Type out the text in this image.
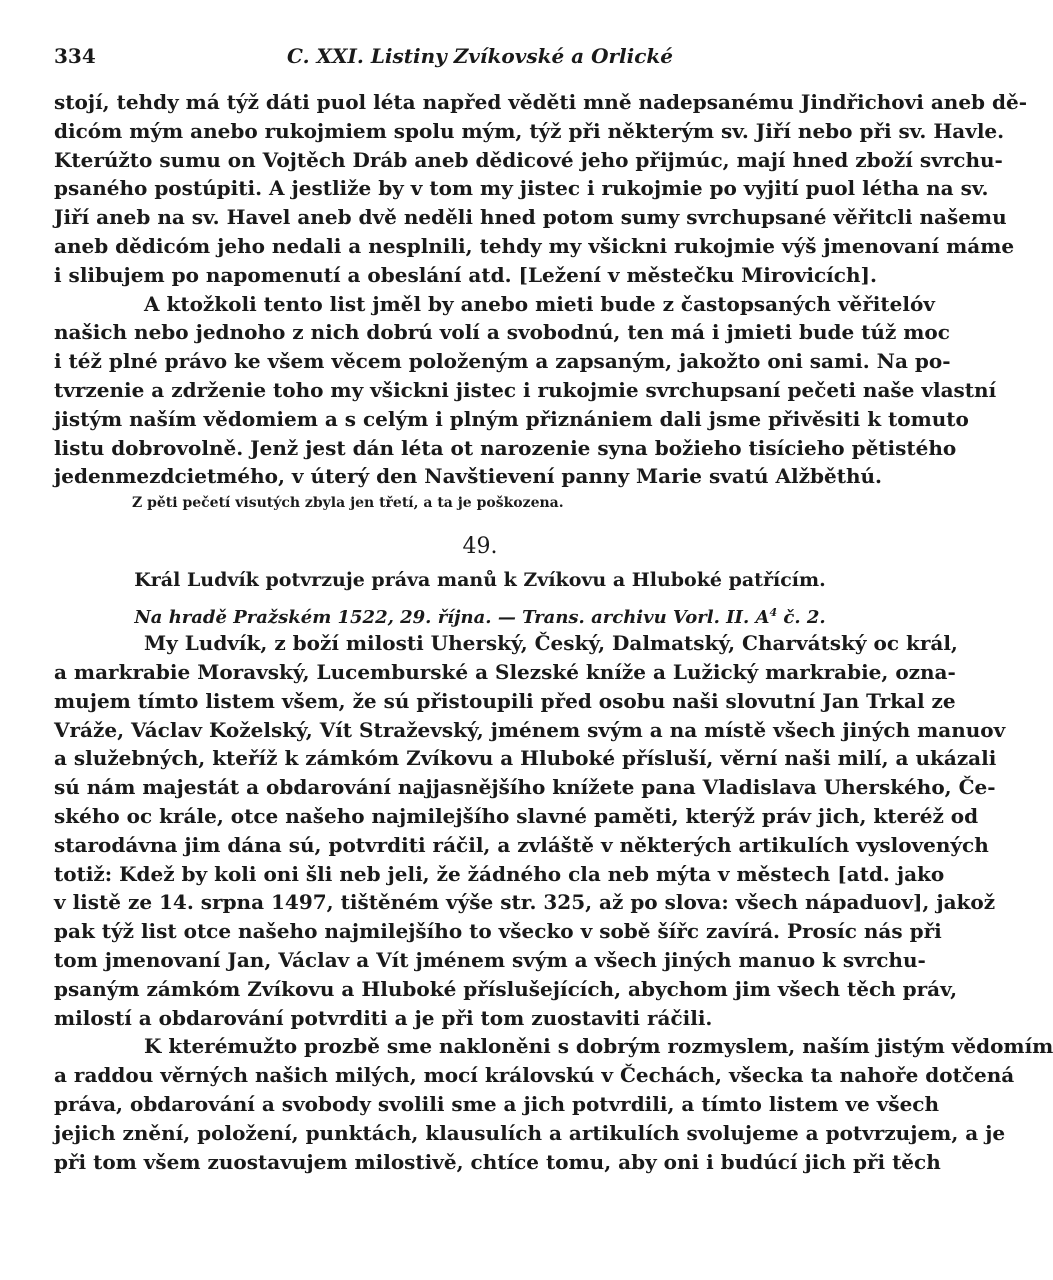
334	C. XXI. Listiny Zvíkovské a Orlické
stojí, tehdy má týž dáti puol léta napřed věděti mně nadepsanému Jindřichovi aneb dě-
dicóm mým anebo rukojmiem spolu mým, týž při některým sv. Jiří nebo při sv. Havle.
Kterúžto sumu on Vojtěch Dráb aneb dědicové jeho přijmúc, mají hned zboží svrchu-
psaného postúpiti. A jestliže by v tom my jistec i rukojmie po vyjití puol létha na sv.
Jiří aneb na sv. Havel aneb dvě neděli hned potom sumy svrchupsané věřitcli našemu
aneb dědicóm jeho nedali a nesplnili, tehdy my všickni rukojmie výš jmenovaní máme
i slibujem po napomenutí a obeslání atd. [Ležení v městečku Mirovicích].
A ktožkoli tento list jměl by anebo mieti bude z častopsaných věřitelóv
našich nebo jednoho z nich dobrú volí a svobodnú, ten má i jmieti bude túž moc
i též plné právo ke všem věcem položeným a zapsaným, jakožto oni sami. Na po-
tvrzenie a zdrženie toho my všickni jistec i rukojmie svrchupsaní pečeti naše vlastní
jistým naším vědomiem a s celým i plným přiznániem dali jsme přivěsiti k tomuto
listu dobrovolně. Jenž jest dán léta ot narozenie syna božieho tisícieho pětistého
jedenmezdcietmého, v úterý den Navštievení panny Marie svatú Alžběthú.
Z pěti pečetí visutých zbyla jen třetí, a ta je poškozena.
49.
Král Ludvík potvrzuje práva manů k Zvíkovu a Hluboké patřícím.
Na hradě Pražském 1522, 29. října. — Trans. archivu Vorl. II. $A^4$ č. 2.
My Ludvík, z boží milosti Uherský, Český, Dalmatský, Charvátský oc král,
a markrabie Moravský, Lucemburské a Slezské kníže a Lužický markrabie, ozna-
mujem tímto listem všem, že sú přistoupili před osobu naši slovutní Jan Trkal ze
Vráže, Václav Koželský, Vít Straževský, jménem svým a na místě všech jiných manuov
a služebných, kteříž k zámkóm Zvíkovu a Hluboké přísluší, věrní naši milí, a ukázali
sú nám majestát a obdarování najjasnějšího knížete pana Vladislava Uherského, Če-
ského oc krále, otce našeho najmilejšího slavné paměti, kterýž práv jich, kteréž od
starodávna jim dána sú, potvrditi ráčil, a zvláště v některých artikulích vyslovených
totiž: Kdež by koli oni šli neb jeli, že žádného cla neb mýta v městech [atd. jako
v listě ze 14. srpna 1497, tištěném výše str. 325, až po slova: všech nápaduov], jakož
pak týž list otce našeho najmilejšího to všecko v sobě šířc zavírá. Prosíc nás při
tom jmenovaní Jan, Václav a Vít jménem svým a všech jiných manuo k svrchu-
psaným zámkóm Zvíkovu a Hluboké příslušejících, abychom jim všech těch práv,
milostí a obdarování potvrditi a je při tom zuostaviti ráčili.
K kterémužto prozbě sme nakloněni s dobrým rozmyslem, naším jistým vědomím
a raddou věrných našich milých, mocí královskú v Čechách, všecka ta nahoře dotčená
práva, obdarování a svobody svolili sme a jich potvrdili, a tímto listem ve všech
jejich znění, položení, punktách, klausulích a artikulích svolujeme a potvrzujem, a je
při tom všem zuostavujem milostivě, chtíce tomu, aby oni i budúcí jich při těch
